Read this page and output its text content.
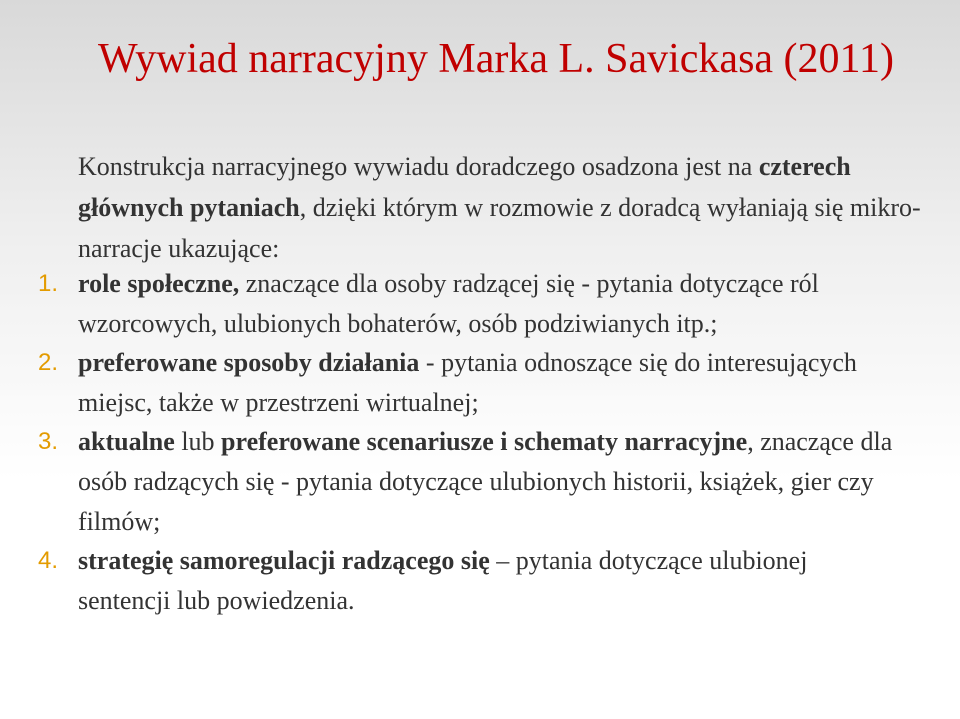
Wywiad narracyjny Marka L. Savickasa (2011)

Konstrukcja narracyjnego wywiadu doradczego osadzona jest na czterech głównych pytaniach, dzięki którym w rozmowie z doradcą wyłaniają się mikro-narracje ukazujące:

1. role społeczne, znaczące dla osoby radzącej się - pytania dotyczące ról wzorcowych, ulubionych bohaterów, osób podziwianych itp.;
2. preferowane sposoby działania - pytania odnoszące się do interesujących miejsc, także w przestrzeni wirtualnej;
3. aktualne lub preferowane scenariusze i schematy narracyjne, znaczące dla osób radzących się - pytania dotyczące ulubionych historii, książek, gier czy filmów;
4. strategię samoregulacji radzącego się – pytania dotyczące ulubionej sentencji lub powiedzenia.
